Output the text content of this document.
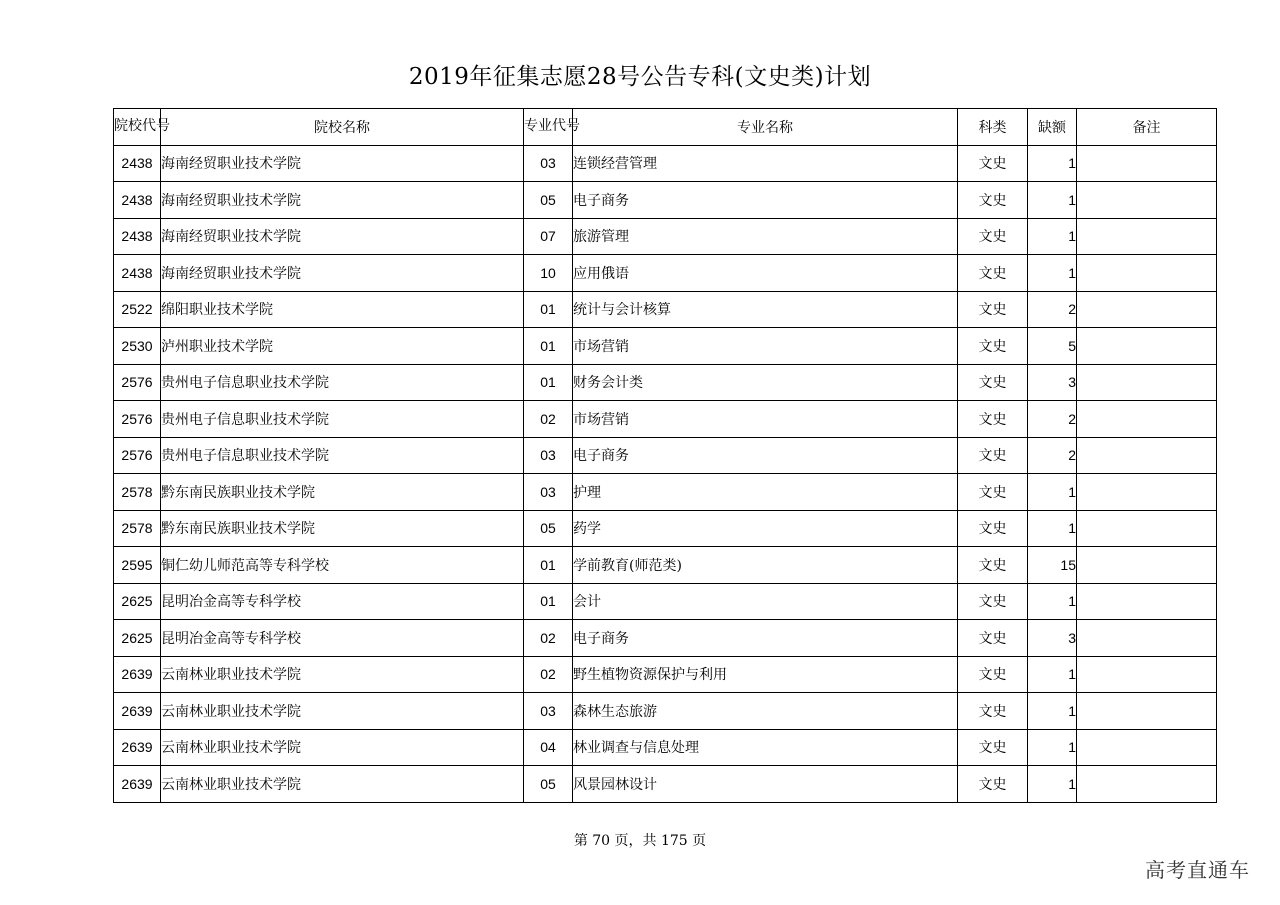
2019年征集志愿28号公告专科(文史类)计划
院校代号	院校名称	专业代号	专业名称	科类	缺额	备注
2438	海南经贸职业技术学院	03	连锁经营管理	文史	1	
2438	海南经贸职业技术学院	05	电子商务	文史	1	
2438	海南经贸职业技术学院	07	旅游管理	文史	1	
2438	海南经贸职业技术学院	10	应用俄语	文史	1	
2522	绵阳职业技术学院	01	统计与会计核算	文史	2	
2530	泸州职业技术学院	01	市场营销	文史	5	
2576	贵州电子信息职业技术学院	01	财务会计类	文史	3	
2576	贵州电子信息职业技术学院	02	市场营销	文史	2	
2576	贵州电子信息职业技术学院	03	电子商务	文史	2	
2578	黔东南民族职业技术学院	03	护理	文史	1	
2578	黔东南民族职业技术学院	05	药学	文史	1	
2595	铜仁幼儿师范高等专科学校	01	学前教育(师范类)	文史	15	
2625	昆明冶金高等专科学校	01	会计	文史	1	
2625	昆明冶金高等专科学校	02	电子商务	文史	3	
2639	云南林业职业技术学院	02	野生植物资源保护与利用	文史	1	
2639	云南林业职业技术学院	03	森林生态旅游	文史	1	
2639	云南林业职业技术学院	04	林业调查与信息处理	文史	1	
2639	云南林业职业技术学院	05	风景园林设计	文史	1	
第 70 页，共 175 页
高考直通车
